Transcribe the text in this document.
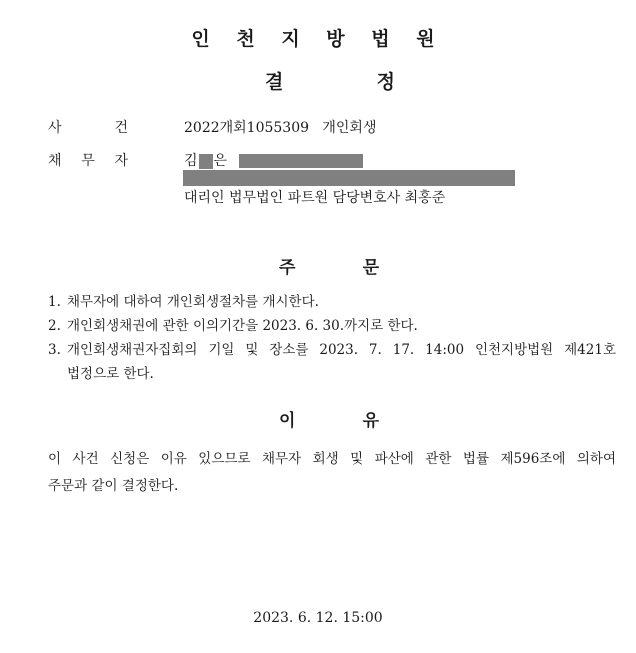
인 천 지 방 법 원
결	정
사	건	2022개회1055309   개인회생
채 무 자	김 은
대리인 법무법인 파트원 담당변호사 최홍준
주	문
1. 채무자에 대하여 개인회생절차를 개시한다.
2. 개인회생채권에 관한 이의기간을 2023. 6. 30.까지로 한다.
3. 개인회생채권자집회의 기일 및 장소를 2023. 7. 17. 14:00 인천지방법원 제421호
법정으로 한다.
이	유
이 사건 신청은 이유 있으므로 채무자 회생 및 파산에 관한 법률 제596조에 의하여
주문과 같이 결정한다.
2023. 6. 12. 15:00
